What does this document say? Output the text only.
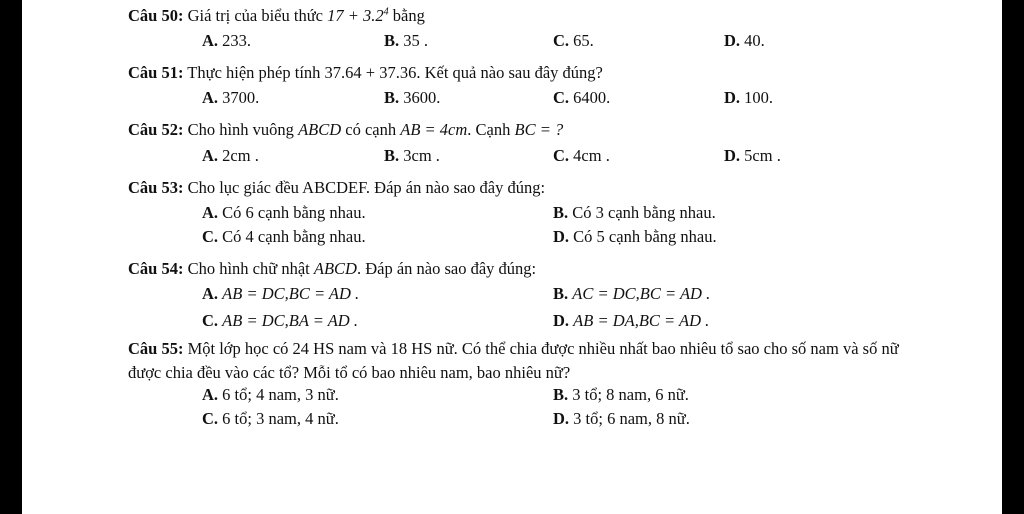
Câu 50: Giá trị của biểu thức $17 + 3.2^4$ bằng
A. 233.	B. 35 .	C. 65.	D. 40.
Câu 51: Thực hiện phép tính 37.64 + 37.36. Kết quả nào sau đây đúng?
A. 3700.	B. 3600.	C. 6400.	D. 100.
Câu 52: Cho hình vuông ABCD có cạnh AB = 4cm. Cạnh BC = ?
A. 2cm .	B. 3cm .	C. 4cm .	D. 5cm .
Câu 53: Cho lục giác đều ABCDEF. Đáp án nào sao đây đúng:
A. Có 6 cạnh bằng nhau.	B. Có 3 cạnh bằng nhau.
C. Có 4 cạnh bằng nhau.	D. Có 5 cạnh bằng nhau.
Câu 54: Cho hình chữ nhật ABCD. Đáp án nào sao đây đúng:
A. AB = DC,BC = AD .	B. AC = DC,BC = AD .
C. AB = DC,BA = AD .	D. AB = DA,BC = AD .
Câu 55: Một lớp học có 24 HS nam và 18 HS nữ. Có thể chia được nhiều nhất bao nhiêu tổ sao cho số nam và số nữ được chia đều vào các tổ? Mỗi tổ có bao nhiêu nam, bao nhiêu nữ?
A. 6 tổ; 4 nam, 3 nữ.	B. 3 tổ; 8 nam, 6 nữ.
C. 6 tổ; 3 nam, 4 nữ.	D. 3 tổ; 6 nam, 8 nữ.
